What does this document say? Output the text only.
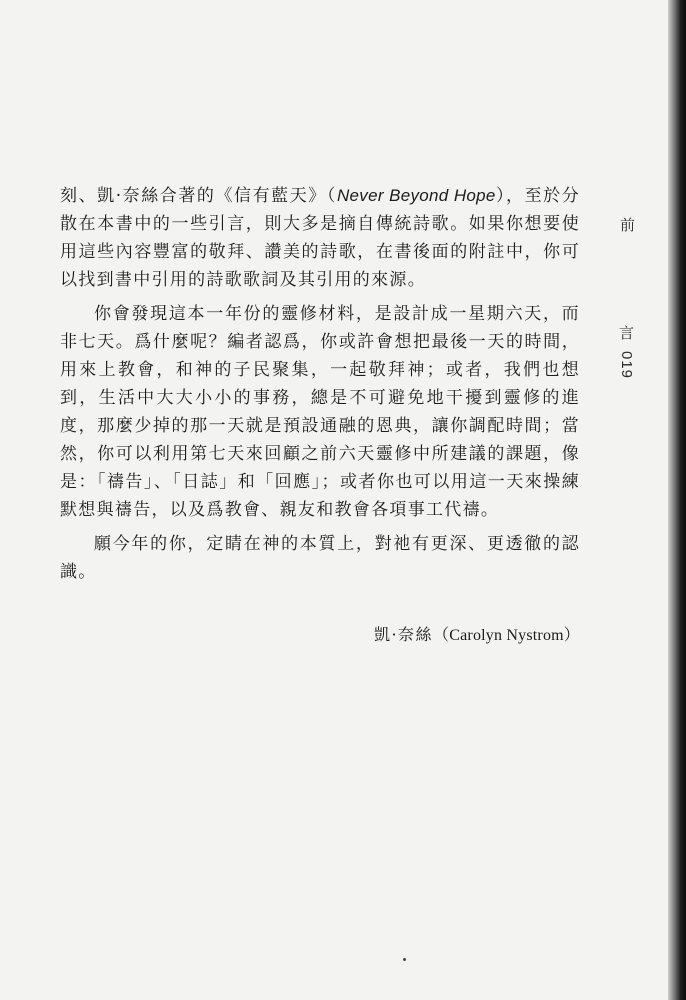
刻、凱·奈絲合著的《信有藍天》（Never Beyond Hope），至於分散在本書中的一些引言，則大多是摘自傳統詩歌。如果你想要使用這些內容豐富的敬拜、讚美的詩歌，在書後面的附註中，你可以找到書中引用的詩歌歌詞及其引用的來源。

你會發現這本一年份的靈修材料，是設計成一星期六天，而非七天。爲什麼呢？編者認爲，你或許會想把最後一天的時間，用來上教會，和神的子民聚集，一起敬拜神；或者，我們也想到，生活中大大小小的事務，總是不可避免地干擾到靈修的進度，那麼少掉的那一天就是預設通融的恩典，讓你調配時間；當然，你可以利用第七天來回顧之前六天靈修中所建議的課題，像是：「禱告」、「日誌」和「回應」；或者你也可以用這一天來操練默想與禱告，以及爲教會、親友和教會各項事工代禱。

願今年的你，定睛在神的本質上，對祂有更深、更透徹的認識。

凱·奈絲（Carolyn Nystrom）
前
言
019
